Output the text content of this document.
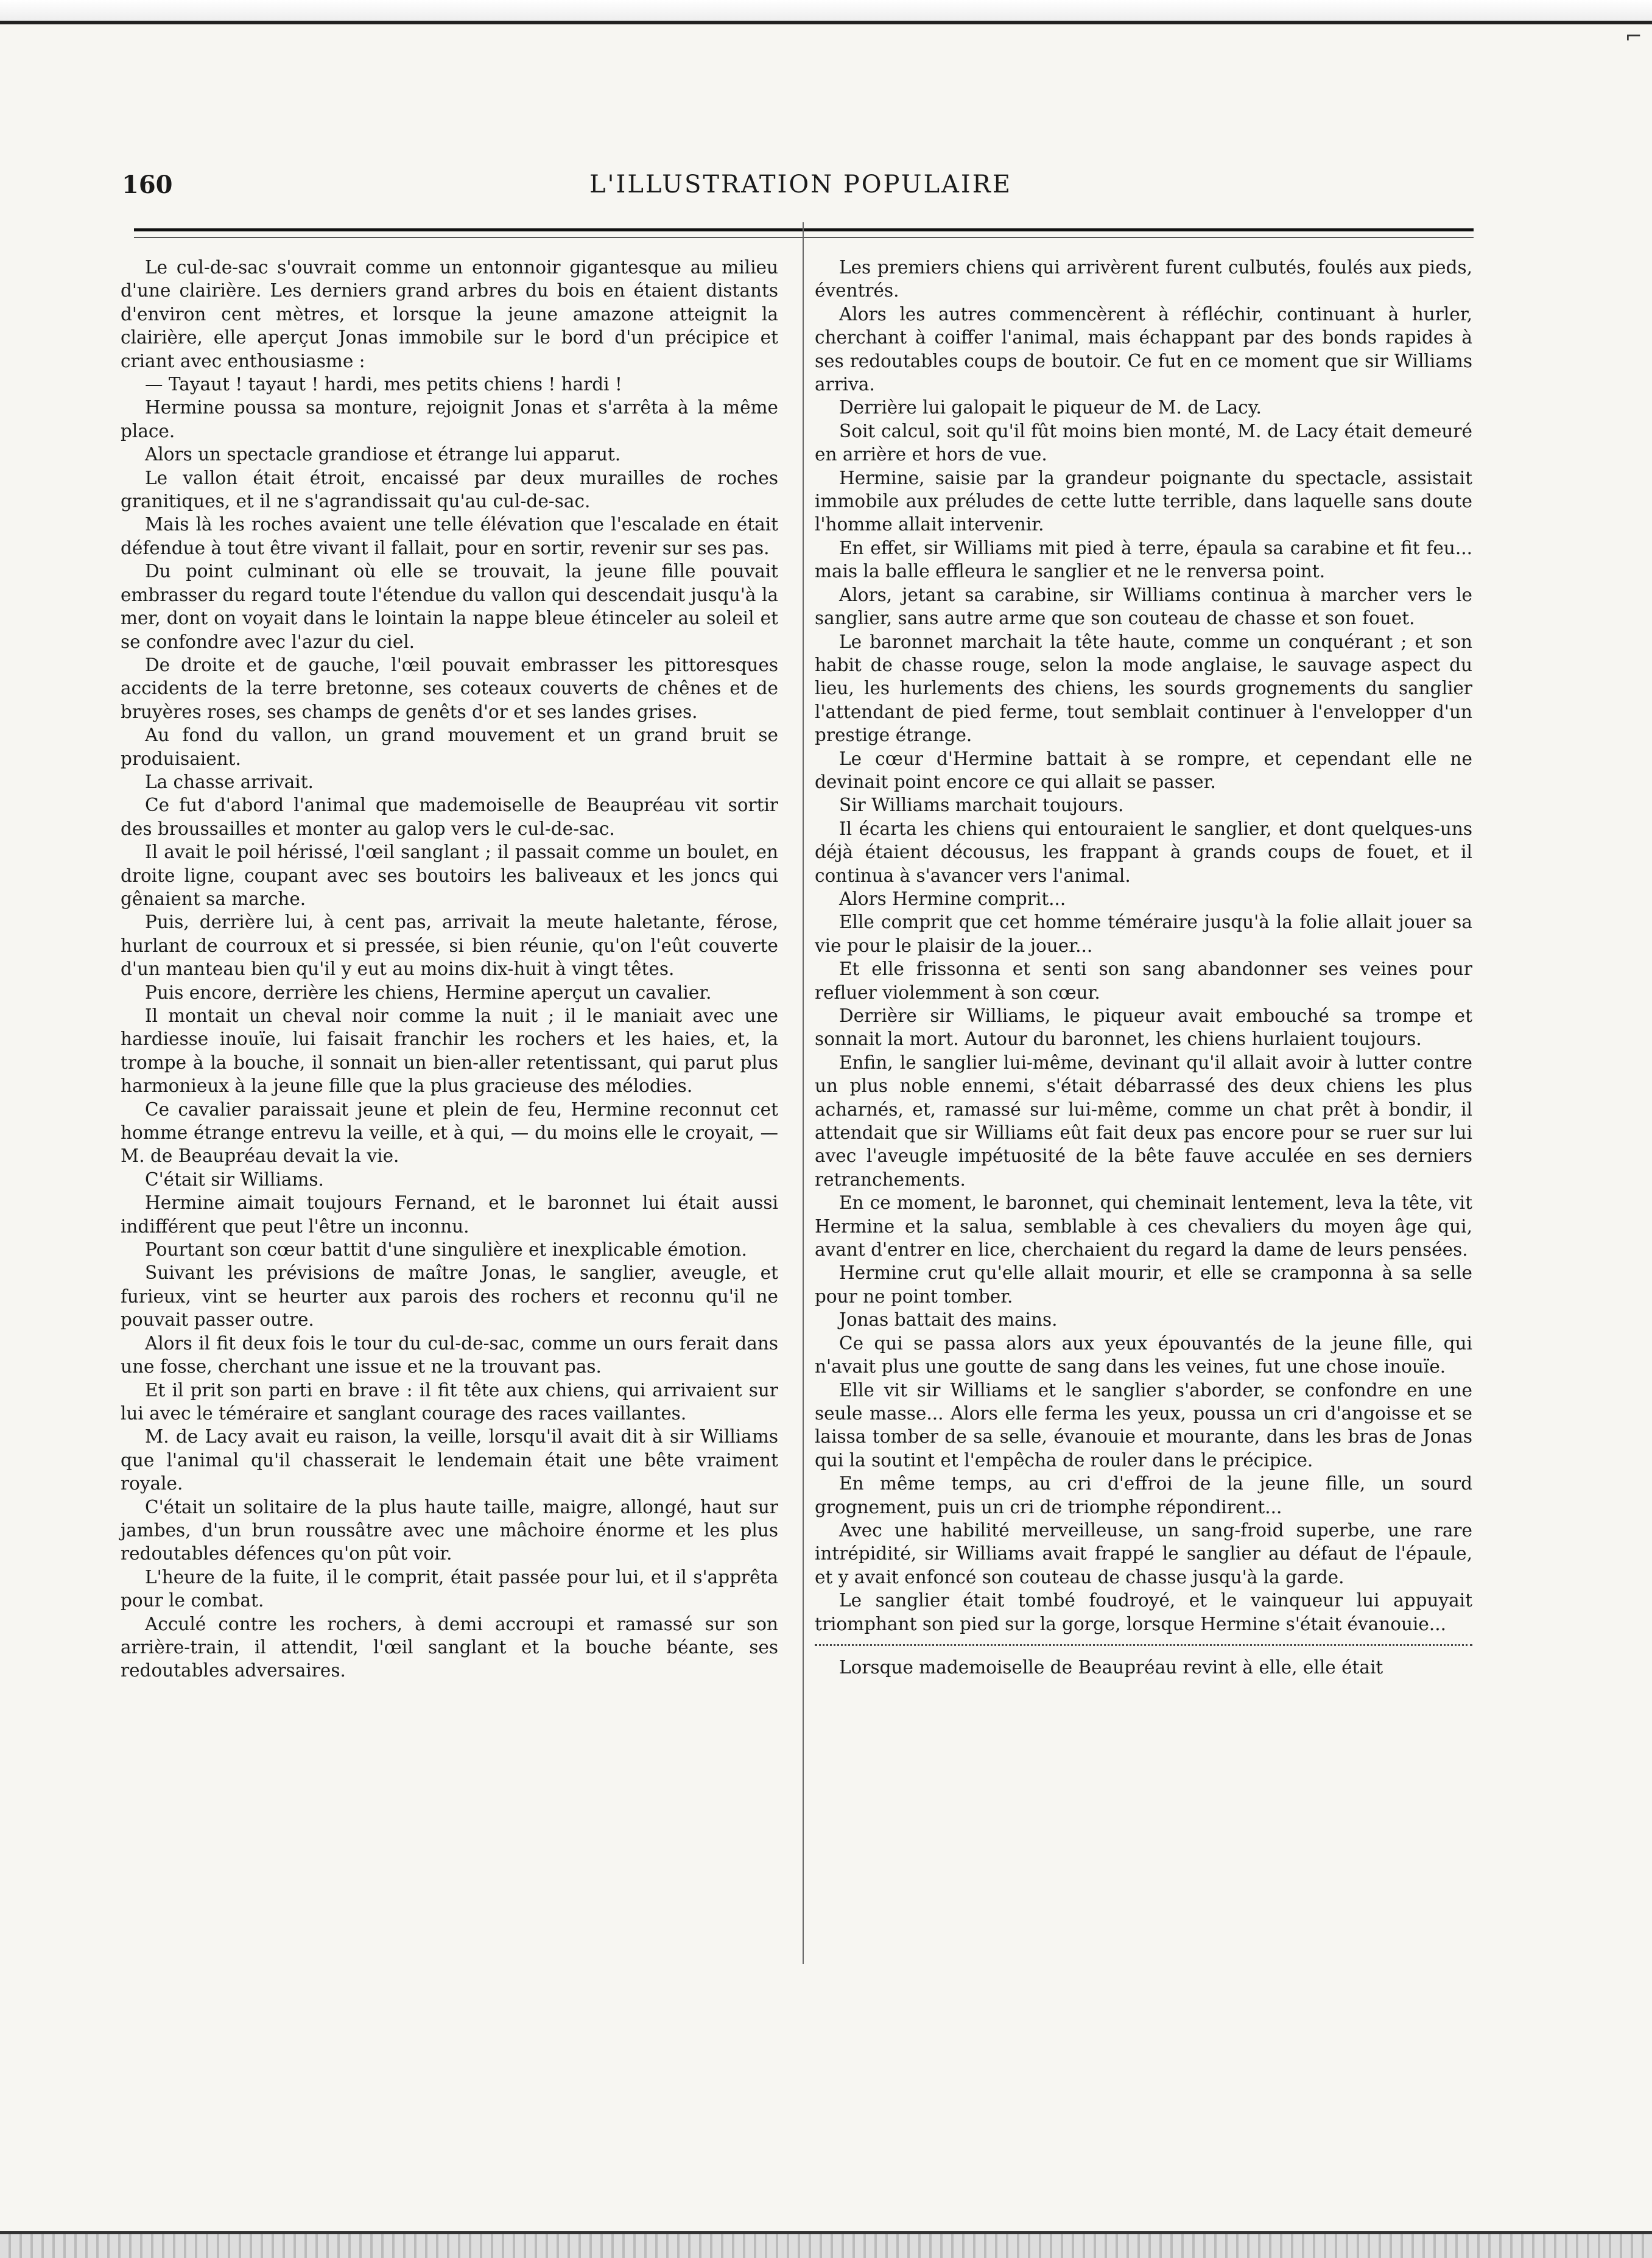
⌐
160	L'ILLUSTRATION POPULAIRE

Le cul-de-sac s'ouvrait comme un entonnoir gigantesque au milieu d'une clairière. Les derniers grand arbres du bois en étaient distants d'environ cent mètres, et lorsque la jeune amazone atteignit la clairière, elle aperçut Jonas immobile sur le bord d'un précipice et criant avec enthousiasme :

— Tayaut ! tayaut ! hardi, mes petits chiens ! hardi !

Hermine poussa sa monture, rejoignit Jonas et s'arrêta à la même place.

Alors un spectacle grandiose et étrange lui apparut.

Le vallon était étroit, encaissé par deux murailles de roches granitiques, et il ne s'agrandissait qu'au cul-de-sac.

Mais là les roches avaient une telle élévation que l'escalade en était défendue à tout être vivant il fallait, pour en sortir, revenir sur ses pas.

Du point culminant où elle se trouvait, la jeune fille pouvait embrasser du regard toute l'étendue du vallon qui descendait jusqu'à la mer, dont on voyait dans le lointain la nappe bleue étinceler au soleil et se confondre avec l'azur du ciel.

De droite et de gauche, l'œil pouvait embrasser les pittoresques accidents de la terre bretonne, ses coteaux couverts de chênes et de bruyères roses, ses champs de genêts d'or et ses landes grises.

Au fond du vallon, un grand mouvement et un grand bruit se produisaient.

La chasse arrivait.

Ce fut d'abord l'animal que mademoiselle de Beaupréau vit sortir des broussailles et monter au galop vers le cul-de-sac.

Il avait le poil hérissé, l'œil sanglant ; il passait comme un boulet, en droite ligne, coupant avec ses boutoirs les baliveaux et les joncs qui gênaient sa marche.

Puis, derrière lui, à cent pas, arrivait la meute haletante, férose, hurlant de courroux et si pressée, si bien réunie, qu'on l'eût couverte d'un manteau bien qu'il y eut au moins dix-huit à vingt têtes.

Puis encore, derrière les chiens, Hermine aperçut un cavalier.

Il montait un cheval noir comme la nuit ; il le maniait avec une hardiesse inouïe, lui faisait franchir les rochers et les haies, et, la trompe à la bouche, il sonnait un bien-aller retentissant, qui parut plus harmonieux à la jeune fille que la plus gracieuse des mélodies.

Ce cavalier paraissait jeune et plein de feu, Hermine reconnut cet homme étrange entrevu la veille, et à qui, — du moins elle le croyait, — M. de Beaupréau devait la vie.

C'était sir Williams.

Hermine aimait toujours Fernand, et le baronnet lui était aussi indifférent que peut l'être un inconnu.

Pourtant son cœur battit d'une singulière et inexplicable émotion.

Suivant les prévisions de maître Jonas, le sanglier, aveugle, et furieux, vint se heurter aux parois des rochers et reconnu qu'il ne pouvait passer outre.

Alors il fit deux fois le tour du cul-de-sac, comme un ours ferait dans une fosse, cherchant une issue et ne la trouvant pas.

Et il prit son parti en brave : il fit tête aux chiens, qui arrivaient sur lui avec le téméraire et sanglant courage des races vaillantes.

M. de Lacy avait eu raison, la veille, lorsqu'il avait dit à sir Williams que l'animal qu'il chasserait le lendemain était une bête vraiment royale.

C'était un solitaire de la plus haute taille, maigre, allongé, haut sur jambes, d'un brun roussâtre avec une mâchoire énorme et les plus redoutables défences qu'on pût voir.

L'heure de la fuite, il le comprit, était passée pour lui, et il s'apprêta pour le combat.

Acculé contre les rochers, à demi accroupi et ramassé sur son arrière-train, il attendit, l'œil sanglant et la bouche béante, ses redoutables adversaires.

Les premiers chiens qui arrivèrent furent culbutés, foulés aux pieds, éventrés.

Alors les autres commencèrent à réfléchir, continuant à hurler, cherchant à coiffer l'animal, mais échappant par des bonds rapides à ses redoutables coups de boutoir. Ce fut en ce moment que sir Williams arriva.

Derrière lui galopait le piqueur de M. de Lacy.

Soit calcul, soit qu'il fût moins bien monté, M. de Lacy était demeuré en arrière et hors de vue.

Hermine, saisie par la grandeur poignante du spectacle, assistait immobile aux préludes de cette lutte terrible, dans laquelle sans doute l'homme allait intervenir.

En effet, sir Williams mit pied à terre, épaula sa carabine et fit feu... mais la balle effleura le sanglier et ne le renversa point.

Alors, jetant sa carabine, sir Williams continua à marcher vers le sanglier, sans autre arme que son couteau de chasse et son fouet.

Le baronnet marchait la tête haute, comme un conquérant ; et son habit de chasse rouge, selon la mode anglaise, le sauvage aspect du lieu, les hurlements des chiens, les sourds grognements du sanglier l'attendant de pied ferme, tout semblait continuer à l'envelopper d'un prestige étrange.

Le cœur d'Hermine battait à se rompre, et cependant elle ne devinait point encore ce qui allait se passer.

Sir Williams marchait toujours.

Il écarta les chiens qui entouraient le sanglier, et dont quelques-uns déjà étaient décousus, les frappant à grands coups de fouet, et il continua à s'avancer vers l'animal.

Alors Hermine comprit...

Elle comprit que cet homme téméraire jusqu'à la folie allait jouer sa vie pour le plaisir de la jouer...

Et elle frissonna et senti son sang abandonner ses veines pour refluer violemment à son cœur.

Derrière sir Williams, le piqueur avait embouché sa trompe et sonnait la mort. Autour du baronnet, les chiens hurlaient toujours.

Enfin, le sanglier lui-même, devinant qu'il allait avoir à lutter contre un plus noble ennemi, s'était débarrassé des deux chiens les plus acharnés, et, ramassé sur lui-même, comme un chat prêt à bondir, il attendait que sir Williams eût fait deux pas encore pour se ruer sur lui avec l'aveugle impétuosité de la bête fauve acculée en ses derniers retranchements.

En ce moment, le baronnet, qui cheminait lentement, leva la tête, vit Hermine et la salua, semblable à ces chevaliers du moyen âge qui, avant d'entrer en lice, cherchaient du regard la dame de leurs pensées.

Hermine crut qu'elle allait mourir, et elle se cramponna à sa selle pour ne point tomber.

Jonas battait des mains.

Ce qui se passa alors aux yeux épouvantés de la jeune fille, qui n'avait plus une goutte de sang dans les veines, fut une chose inouïe.

Elle vit sir Williams et le sanglier s'aborder, se confondre en une seule masse... Alors elle ferma les yeux, poussa un cri d'angoisse et se laissa tomber de sa selle, évanouie et mourante, dans les bras de Jonas qui la soutint et l'empêcha de rouler dans le précipice.

En même temps, au cri d'effroi de la jeune fille, un sourd grognement, puis un cri de triomphe répondirent...

Avec une habilité merveilleuse, un sang-froid superbe, une rare intrépidité, sir Williams avait frappé le sanglier au défaut de l'épaule, et y avait enfoncé son couteau de chasse jusqu'à la garde.

Le sanglier était tombé foudroyé, et le vainqueur lui appuyait triomphant son pied sur la gorge, lorsque Hermine s'était évanouie...

Lorsque mademoiselle de Beaupréau revint à elle, elle était
